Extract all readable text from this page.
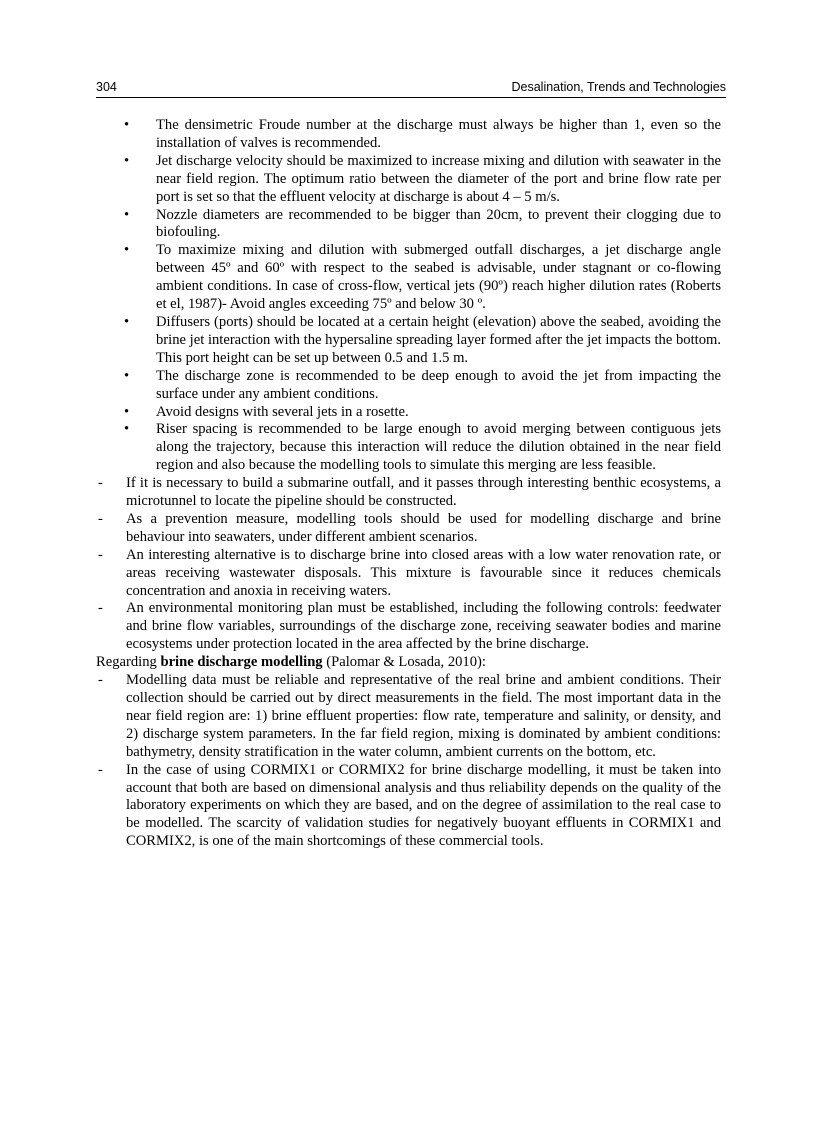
304	Desalination, Trends and Technologies
• The densimetric Froude number at the discharge must always be higher than 1, even so the installation of valves is recommended.
• Jet discharge velocity should be maximized to increase mixing and dilution with seawater in the near field region. The optimum ratio between the diameter of the port and brine flow rate per port is set so that the effluent velocity at discharge is about 4 – 5 m/s.
• Nozzle diameters are recommended to be bigger than 20cm, to prevent their clogging due to biofouling.
• To maximize mixing and dilution with submerged outfall discharges, a jet discharge angle between 45º and 60º with respect to the seabed is advisable, under stagnant or co-flowing ambient conditions. In case of cross-flow, vertical jets (90º) reach higher dilution rates (Roberts et el, 1987)- Avoid angles exceeding 75º and below 30 º.
• Diffusers (ports) should be located at a certain height (elevation) above the seabed, avoiding the brine jet interaction with the hypersaline spreading layer formed after the jet impacts the bottom. This port height can be set up between 0.5 and 1.5 m.
• The discharge zone is recommended to be deep enough to avoid the jet from impacting the surface under any ambient conditions.
• Avoid designs with several jets in a rosette.
• Riser spacing is recommended to be large enough to avoid merging between contiguous jets along the trajectory, because this interaction will reduce the dilution obtained in the near field region and also because the modelling tools to simulate this merging are less feasible.
- If it is necessary to build a submarine outfall, and it passes through interesting benthic ecosystems, a microtunnel to locate the pipeline should be constructed.
- As a prevention measure, modelling tools should be used for modelling discharge and brine behaviour into seawaters, under different ambient scenarios.
- An interesting alternative is to discharge brine into closed areas with a low water renovation rate, or areas receiving wastewater disposals. This mixture is favourable since it reduces chemicals concentration and anoxia in receiving waters.
- An environmental monitoring plan must be established, including the following controls: feedwater and brine flow variables, surroundings of the discharge zone, receiving seawater bodies and marine ecosystems under protection located in the area affected by the brine discharge.
Regarding brine discharge modelling (Palomar & Losada, 2010):
- Modelling data must be reliable and representative of the real brine and ambient conditions. Their collection should be carried out by direct measurements in the field. The most important data in the near field region are: 1) brine effluent properties: flow rate, temperature and salinity, or density, and 2) discharge system parameters. In the far field region, mixing is dominated by ambient conditions: bathymetry, density stratification in the water column, ambient currents on the bottom, etc.
- In the case of using CORMIX1 or CORMIX2 for brine discharge modelling, it must be taken into account that both are based on dimensional analysis and thus reliability depends on the quality of the laboratory experiments on which they are based, and on the degree of assimilation to the real case to be modelled. The scarcity of validation studies for negatively buoyant effluents in CORMIX1 and CORMIX2, is one of the main shortcomings of these commercial tools.
